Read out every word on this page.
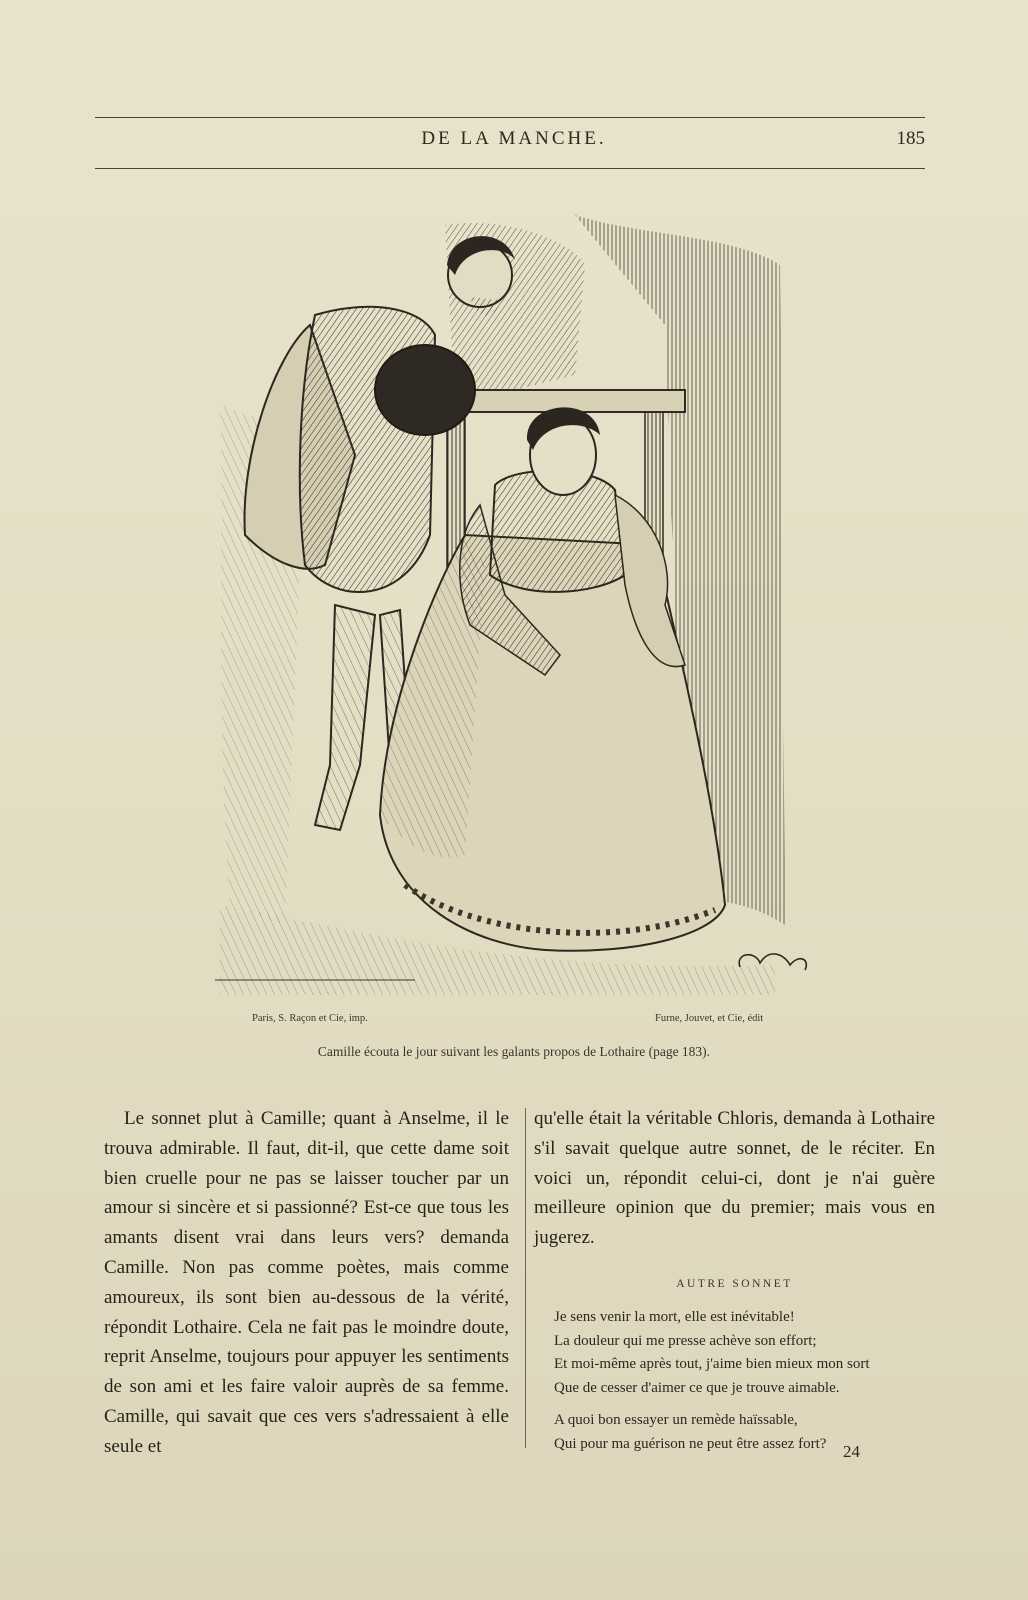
DE LA MANCHE.	185
Paris, S. Raçon et Cie, imp.	Furne, Jouvet, et Cie, édit
Camille écouta le jour suivant les galants propos de Lothaire (page 183).

Le sonnet plut à Camille; quant à Anselme, il le trouva admirable. Il faut, dit-il, que cette dame soit bien cruelle pour ne pas se laisser toucher par un amour si sincère et si passionné? Est-ce que tous les amants disent vrai dans leurs vers? demanda Camille. Non pas comme poètes, mais comme amoureux, ils sont bien au-dessous de la vérité, répondit Lothaire. Cela ne fait pas le moindre doute, reprit Anselme, toujours pour appuyer les sentiments de son ami et les faire valoir auprès de sa femme. Camille, qui savait que ces vers s'adressaient à elle seule et

qu'elle était la véritable Chloris, demanda à Lothaire s'il savait quelque autre sonnet, de le réciter. En voici un, répondit celui-ci, dont je n'ai guère meilleure opinion que du premier; mais vous en jugerez.

AUTRE SONNET
Je sens venir la mort, elle est inévitable!
La douleur qui me presse achève son effort;
Et moi-même après tout, j'aime bien mieux mon sort
Que de cesser d'aimer ce que je trouve aimable.
A quoi bon essayer un remède haïssable,
Qui pour ma guérison ne peut être assez fort? 24
